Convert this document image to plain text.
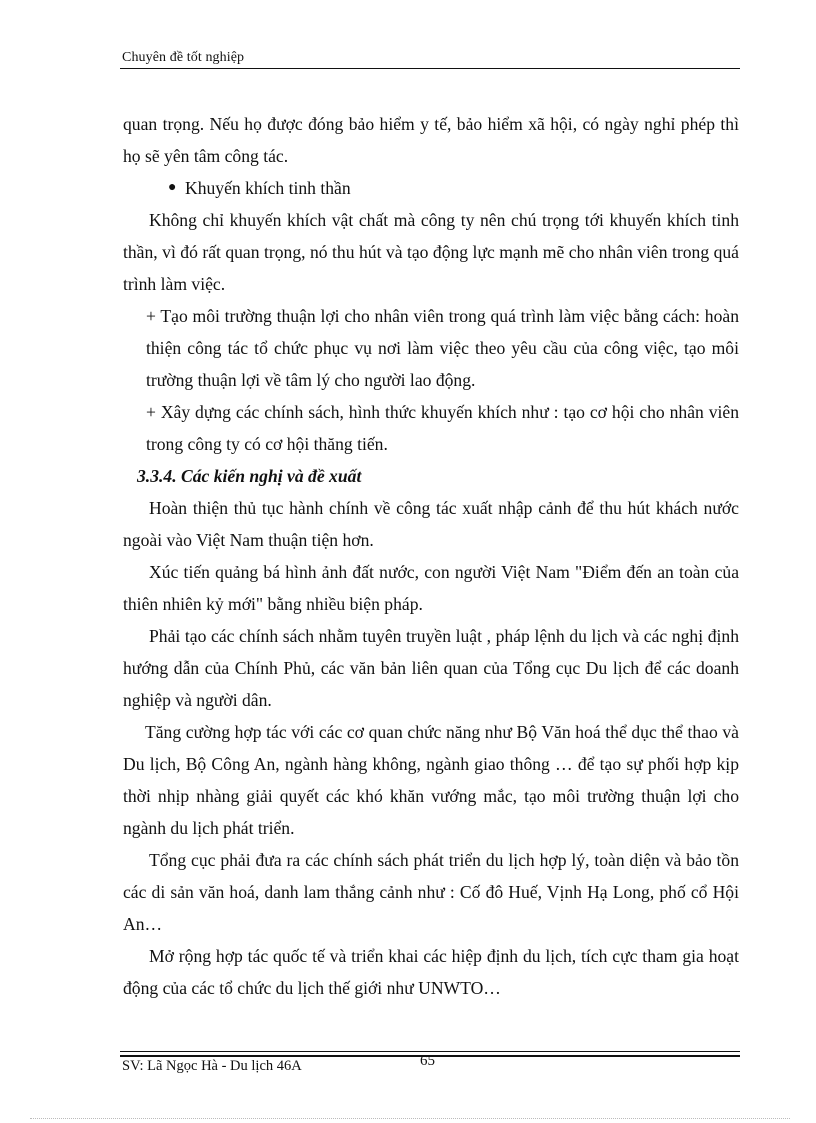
Chuyên đề tốt nghiệp

quan trọng. Nếu họ được đóng bảo hiểm y tế, bảo hiểm xã hội, có ngày nghỉ phép thì họ sẽ yên tâm công tác.

● Khuyến khích tinh thần

Không chỉ khuyến khích vật chất mà công ty nên chú trọng tới khuyến khích tinh thần, vì đó rất quan trọng, nó thu hút và tạo động lực mạnh mẽ cho nhân viên trong quá trình làm việc.

+ Tạo môi trường thuận lợi cho nhân viên trong quá trình làm việc bằng cách: hoàn thiện công tác tổ chức phục vụ nơi làm việc theo yêu cầu của công việc, tạo môi trường thuận lợi về tâm lý cho người lao động.

+ Xây dựng các chính sách, hình thức khuyến khích như : tạo cơ hội cho nhân viên trong công ty có cơ hội thăng tiến.

3.3.4. Các kiến nghị và đề xuất

Hoàn thiện thủ tục hành chính về công tác xuất nhập cảnh để thu hút khách nước ngoài vào Việt Nam thuận tiện hơn.

Xúc tiến quảng bá hình ảnh đất nước, con người Việt Nam "Điểm đến an toàn của thiên nhiên kỷ mới" bằng nhiều biện pháp.

Phải tạo các chính sách nhằm tuyên truyền luật , pháp lệnh du lịch và các nghị định hướng dẫn của Chính Phủ, các văn bản liên quan của Tổng cục Du lịch để các doanh nghiệp và người dân.

Tăng cường hợp tác với các cơ quan chức năng như Bộ Văn hoá thể dục thể thao và Du lịch, Bộ Công An, ngành hàng không, ngành giao thông … để tạo sự phối hợp kịp thời nhịp nhàng giải quyết các khó khăn vướng mắc, tạo môi trường thuận lợi cho ngành du lịch phát triển.

Tổng cục phải đưa ra các chính sách phát triển du lịch hợp lý, toàn diện và bảo tồn các di sản văn hoá, danh lam thắng cảnh như : Cố đô Huế, Vịnh Hạ Long, phố cổ Hội An…

Mở rộng hợp tác quốc tế và triển khai các hiệp định du lịch, tích cực tham gia hoạt động của các tổ chức du lịch thế giới như UNWTO…

SV: Lã Ngọc Hà - Du lịch 46A	65
